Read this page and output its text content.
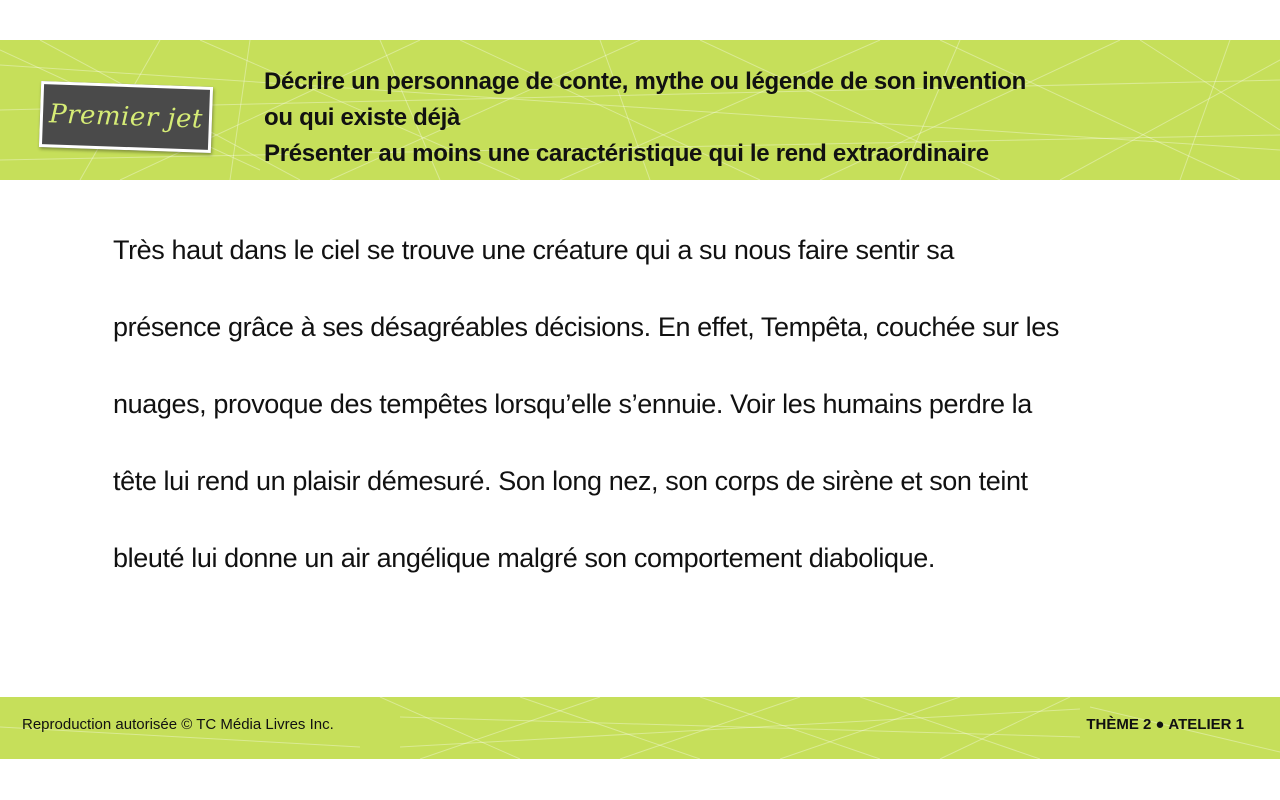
Premier jet

Décrire un personnage de conte, mythe ou légende de son invention

ou qui existe déjà

Présenter au moins une caractéristique qui le rend extraordinaire

Très haut dans le ciel se trouve une créature qui a su nous faire sentir sa

présence grâce à ses désagréables décisions. En effet, Tempêta, couchée sur les

nuages, provoque des tempêtes lorsqu’elle s’ennuie. Voir les humains perdre la

tête lui rend un plaisir démesuré. Son long nez, son corps de sirène et son teint

bleuté lui donne un air angélique malgré son comportement diabolique.

Reproduction autorisée © TC Média Livres Inc.	THÈME 2 ● ATELIER 1
